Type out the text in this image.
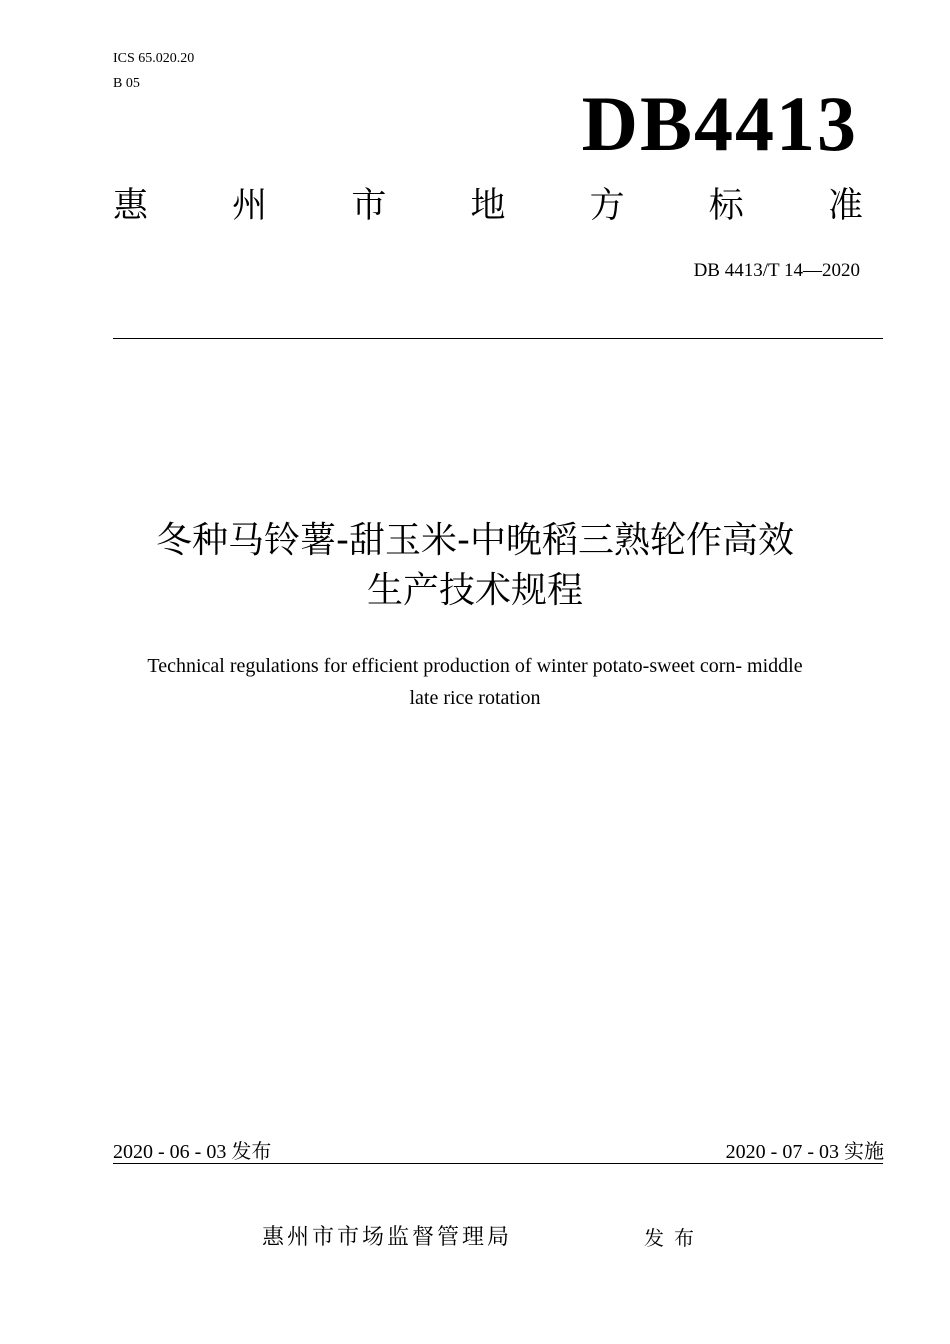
ICS 65.020.20
B 05	DB4413
惠 州 市 地 方 标 准
DB 4413/T 14—2020
冬种马铃薯-甜玉米-中晚稻三熟轮作高效
生产技术规程
Technical regulations for efficient production of winter potato-sweet corn- middle
late rice rotation
2020 - 06 - 03 发布	2020 - 07 - 03 实施
惠州市市场监督管理局	发布
